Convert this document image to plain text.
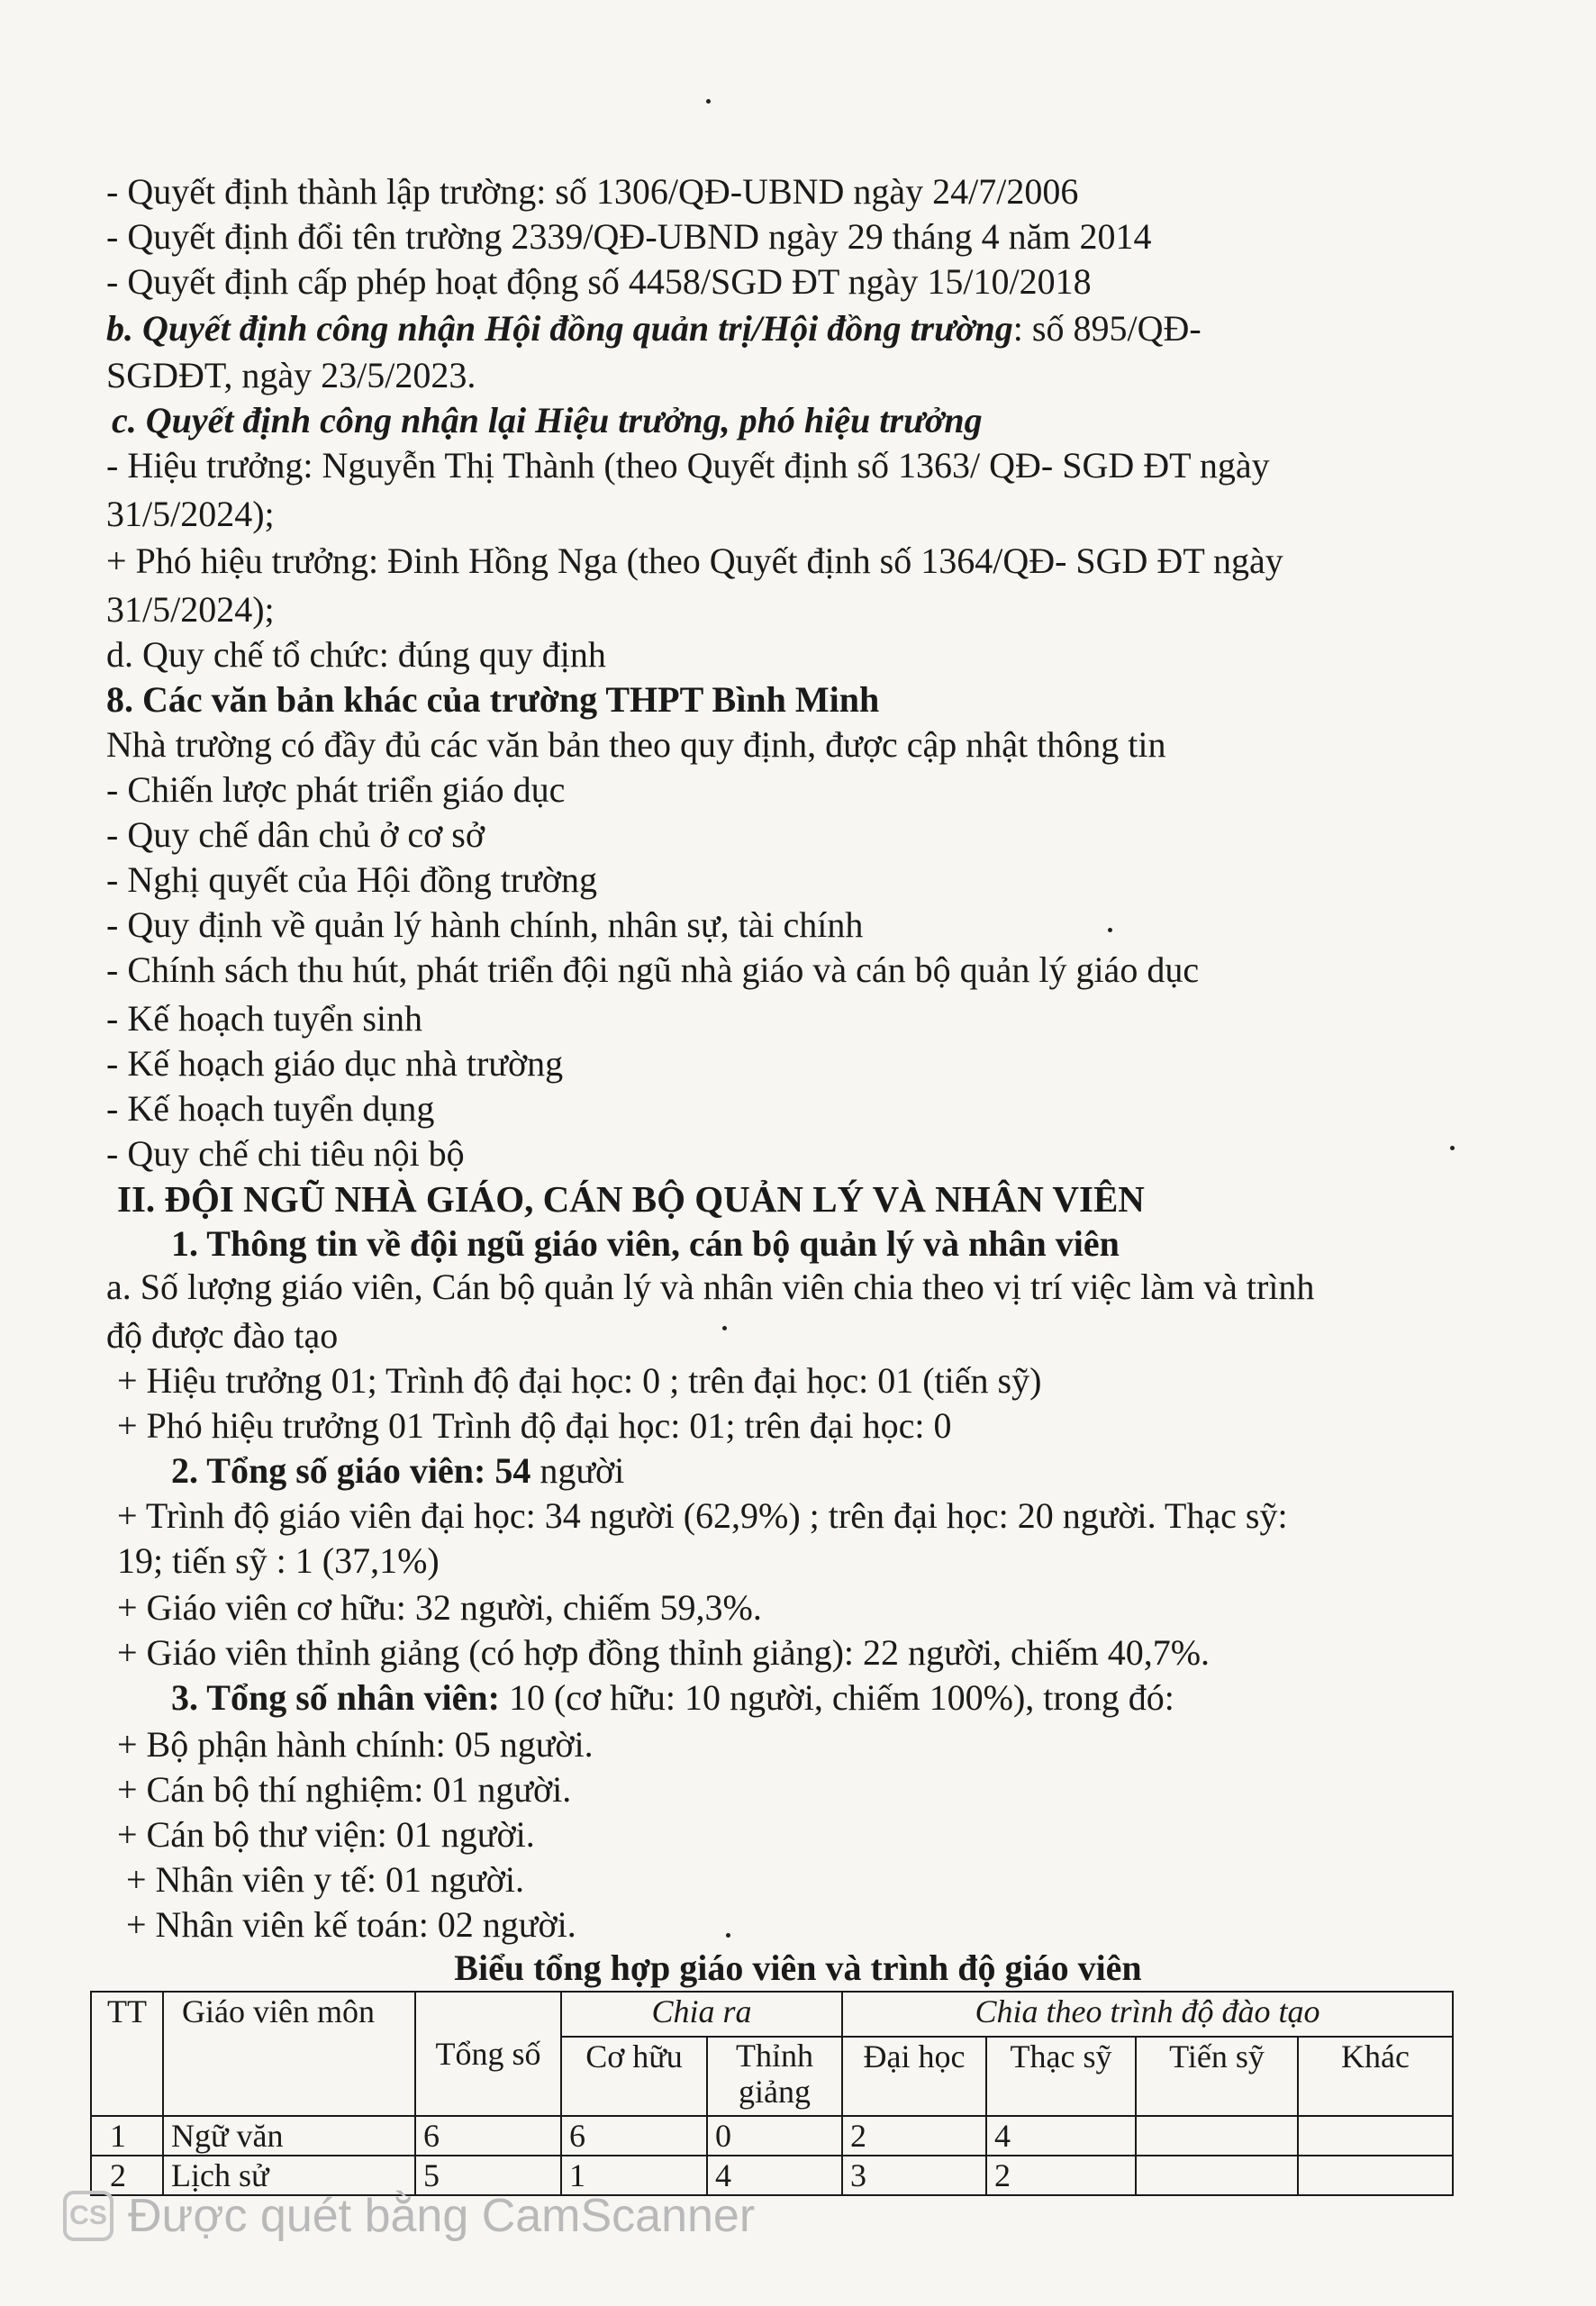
- Quyết định thành lập trường: số 1306/QĐ-UBND ngày 24/7/2006
- Quyết định đổi tên trường 2339/QĐ-UBND ngày 29 tháng 4 năm 2014
- Quyết định cấp phép hoạt động số 4458/SGD ĐT ngày 15/10/2018
b. Quyết định công nhận Hội đồng quản trị/Hội đồng trường: số 895/QĐ-
SGDĐT, ngày 23/5/2023.
c. Quyết định công nhận lại Hiệu trưởng, phó hiệu trưởng
- Hiệu trưởng: Nguyễn Thị Thành (theo Quyết định số 1363/ QĐ- SGD ĐT ngày
31/5/2024);
+ Phó hiệu trưởng: Đinh Hồng Nga (theo Quyết định số 1364/QĐ- SGD ĐT ngày
31/5/2024);
d. Quy chế tổ chức: đúng quy định
8. Các văn bản khác của trường THPT Bình Minh
Nhà trường có đầy đủ các văn bản theo quy định, được cập nhật thông tin
- Chiến lược phát triển giáo dục
- Quy chế dân chủ ở cơ sở
- Nghị quyết của Hội đồng trường
- Quy định về quản lý hành chính, nhân sự, tài chính
- Chính sách thu hút, phát triển đội ngũ nhà giáo và cán bộ quản lý giáo dục
- Kế hoạch tuyển sinh
- Kế hoạch giáo dục nhà trường
- Kế hoạch tuyển dụng
- Quy chế chi tiêu nội bộ
II. ĐỘI NGŨ NHÀ GIÁO, CÁN BỘ QUẢN LÝ VÀ NHÂN VIÊN
1. Thông tin về đội ngũ giáo viên, cán bộ quản lý và nhân viên
a. Số lượng giáo viên, Cán bộ quản lý và nhân viên chia theo vị trí việc làm và trình
độ được đào tạo
+ Hiệu trưởng 01; Trình độ đại học: 0 ; trên đại học: 01 (tiến sỹ)
+ Phó hiệu trưởng 01 Trình độ đại học: 01; trên đại học: 0
2. Tổng số giáo viên: 54 người
+ Trình độ giáo viên đại học: 34 người (62,9%) ; trên đại học: 20 người. Thạc sỹ:
19; tiến sỹ : 1 (37,1%)
+ Giáo viên cơ hữu: 32 người, chiếm 59,3%.
+ Giáo viên thỉnh giảng (có hợp đồng thỉnh giảng): 22 người, chiếm 40,7%.
3. Tổng số nhân viên: 10 (cơ hữu: 10 người, chiếm 100%), trong đó:
+ Bộ phận hành chính: 05 người.
+ Cán bộ thí nghiệm: 01 người.
+ Cán bộ thư viện: 01 người.
+ Nhân viên y tế: 01 người.
+ Nhân viên kế toán: 02 người.
Biểu tổng hợp giáo viên và trình độ giáo viên
TT	Giáo viên môn	Tổng số	Chia ra		Chia theo trình độ đào tạo			
			Cơ hữu	Thỉnh giảng	Đại học	Thạc sỹ	Tiến sỹ	Khác
1	Ngữ văn	6	6	0	2	4		
2	Lịch sử	5	1	4	3	2		
CS Được quét bằng CamScanner
